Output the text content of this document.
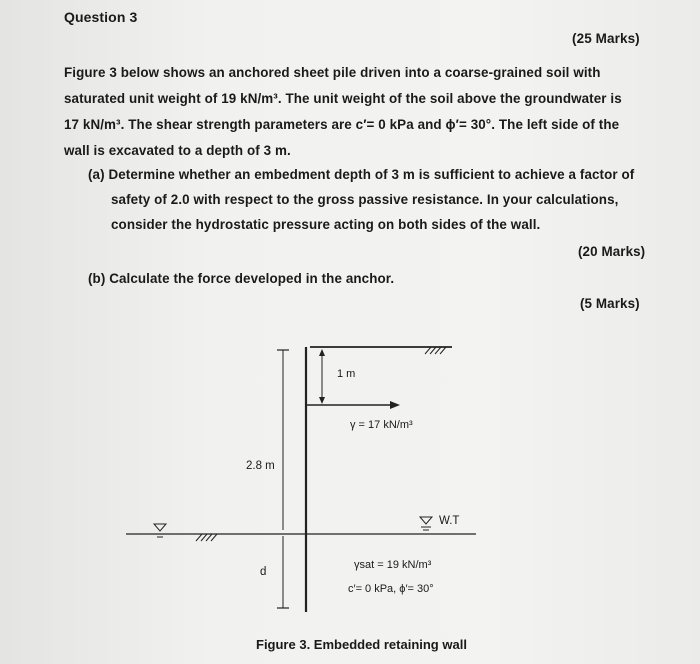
Question 3
(25 Marks)
Figure 3 below shows an anchored sheet pile driven into a coarse-grained soil with
saturated unit weight of 19 kN/m³. The unit weight of the soil above the groundwater is
17 kN/m³. The shear strength parameters are c′= 0 kPa and ϕ′= 30°. The left side of the
wall is excavated to a depth of 3 m.
(a) Determine whether an embedment depth of 3 m is sufficient to achieve a factor of
safety of 2.0 with respect to the gross passive resistance. In your calculations,
consider the hydrostatic pressure acting on both sides of the wall.
(20 Marks)
(b) Calculate the force developed in the anchor.
(5 Marks)
1 m
γ = 17 kN/m³
2.8 m
W.T
d
γsat = 19 kN/m³
c′= 0 kPa, ϕ′= 30°
Figure 3. Embedded retaining wall
